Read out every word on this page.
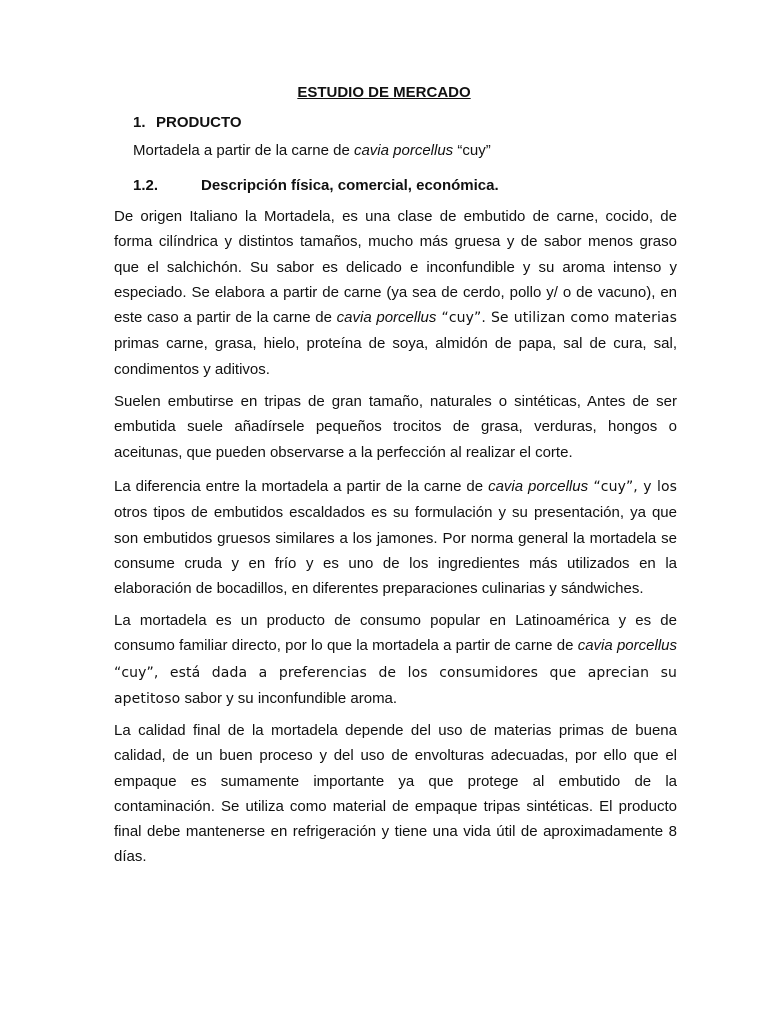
ESTUDIO DE MERCADO
1. PRODUCTO
Mortadela a partir de la carne de cavia porcellus “cuy”
1.2.	Descripción física, comercial, económica.

De origen Italiano la Mortadela, es una clase de embutido de carne, cocido, de forma cilíndrica y distintos tamaños, mucho más gruesa y de sabor menos graso que el salchichón. Su sabor es delicado e inconfundible y su aroma intenso y especiado. Se elabora a partir de carne (ya sea de cerdo, pollo y/ o de vacuno), en este caso a partir de la carne de cavia porcellus “cuy”. Se utilizan como materias primas carne, grasa, hielo, proteína de soya, almidón de papa, sal de cura, sal, condimentos y aditivos.

Suelen embutirse en tripas de gran tamaño, naturales o sintéticas, Antes de ser embutida suele añadírsele pequeños trocitos de grasa, verduras, hongos o aceitunas, que pueden observarse a la perfección al realizar el corte.

La diferencia entre la mortadela a partir de la carne de cavia porcellus “cuy”, y los otros tipos de embutidos escaldados es su formulación y su presentación, ya que son embutidos gruesos similares a los jamones. Por norma general la mortadela se consume cruda y en frío y es uno de los ingredientes más utilizados en la elaboración de bocadillos, en diferentes preparaciones culinarias y sándwiches.

La mortadela es un producto de consumo popular en Latinoamérica y es de consumo familiar directo, por lo que la mortadela a partir de carne de cavia porcellus “cuy”, está dada a preferencias de los consumidores que aprecian su apetitoso sabor y su inconfundible aroma.

La calidad final de la mortadela depende del uso de materias primas de buena calidad, de un buen proceso y del uso de envolturas adecuadas, por ello que el empaque es sumamente importante ya que protege al embutido de la contaminación. Se utiliza como material de empaque tripas sintéticas. El producto final debe mantenerse en refrigeración y tiene una vida útil de aproximadamente 8 días.
